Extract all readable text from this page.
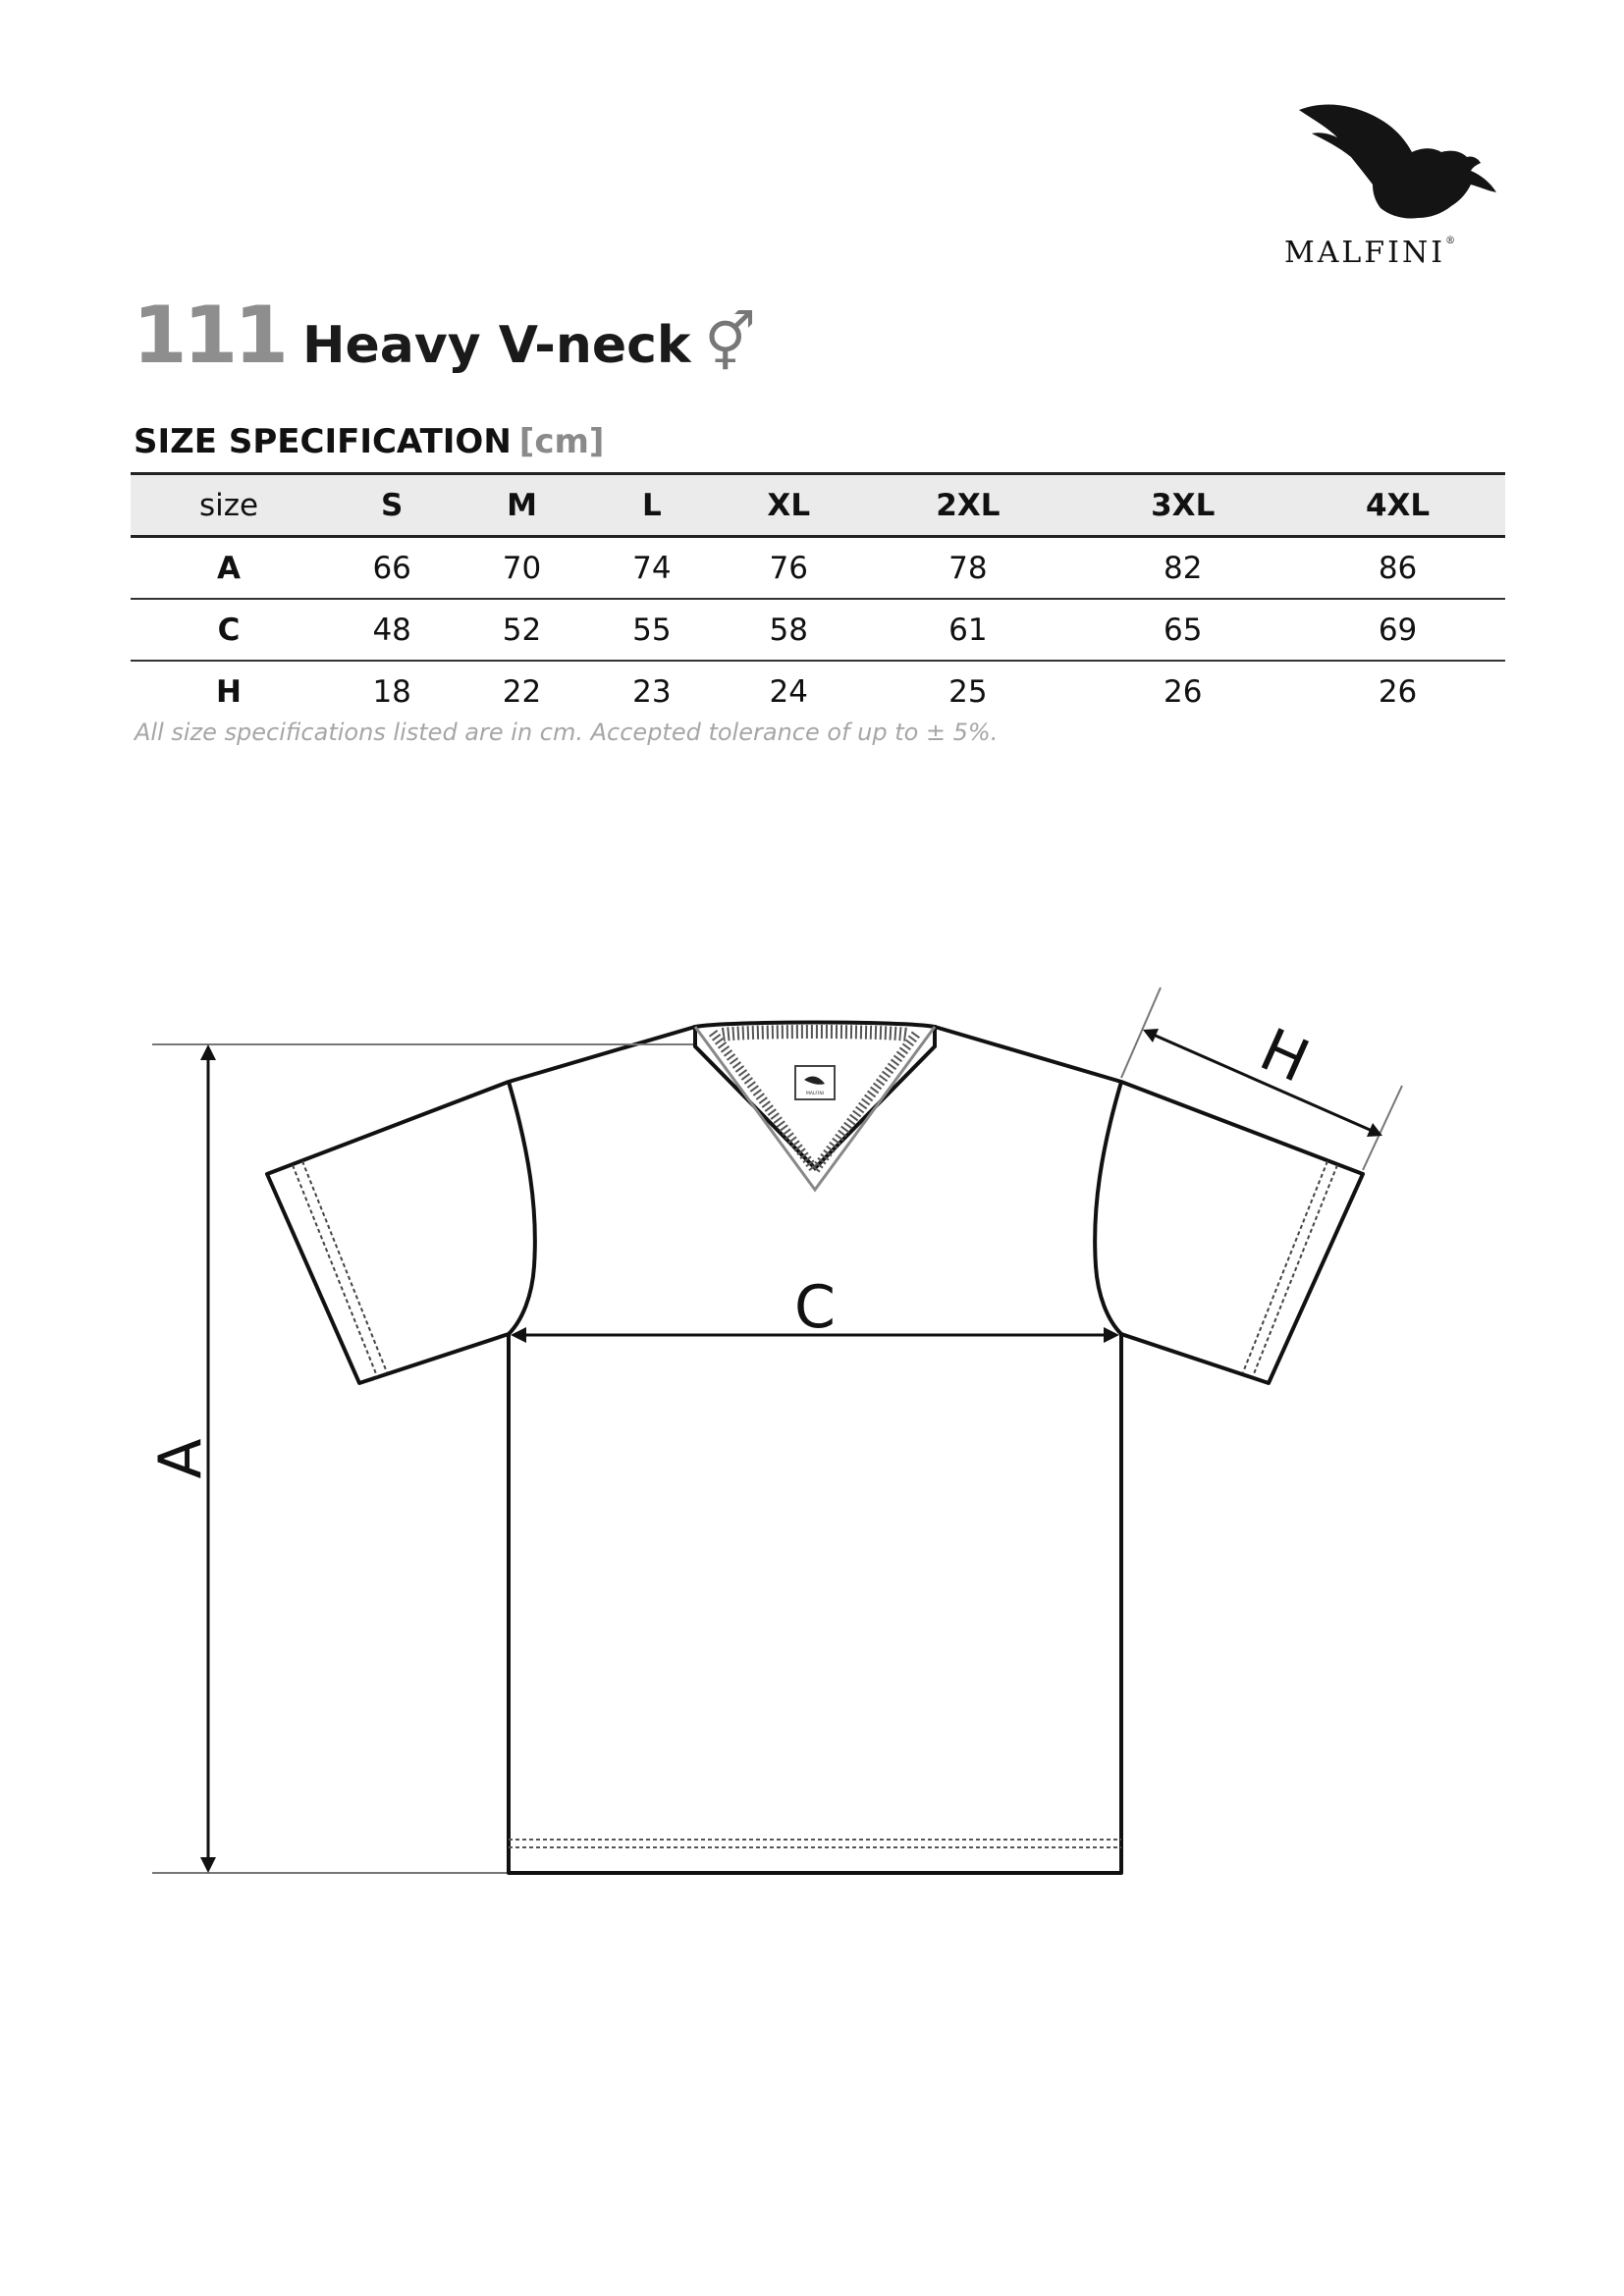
MALFINI®
111 Heavy V-neck ⚥
SIZE SPECIFICATION [cm]
size	S	M	L	XL	2XL	3XL	4XL
A	66	70	74	76	78	82	86
C	48	52	55	58	61	65	69
H	18	22	23	24	25	26	26
All size specifications listed are in cm. Accepted tolerance of up to ± 5%.
MALFINI
A
C
H
